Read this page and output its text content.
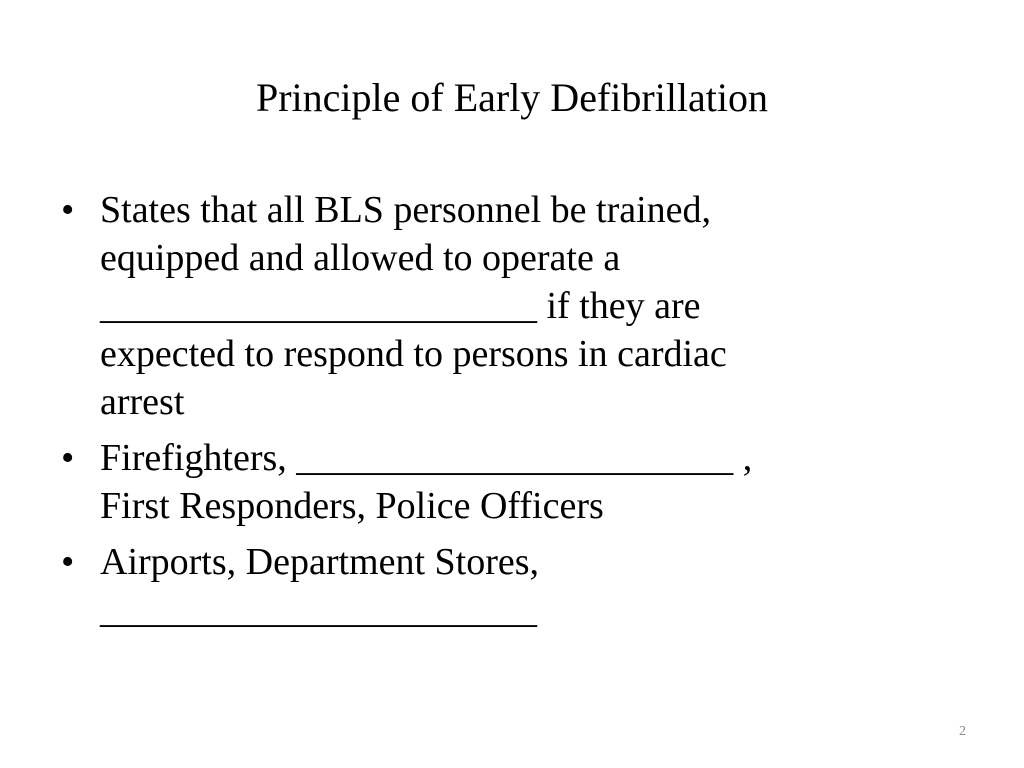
Principle of Early Defibrillation
• States that all BLS personnel be trained,
equipped and allowed to operate a
_______________________ if they are
expected to respond to persons in cardiac
arrest
• Firefighters, _______________________ ,
First Responders, Police Officers
• Airports, Department Stores,
_______________________
2
